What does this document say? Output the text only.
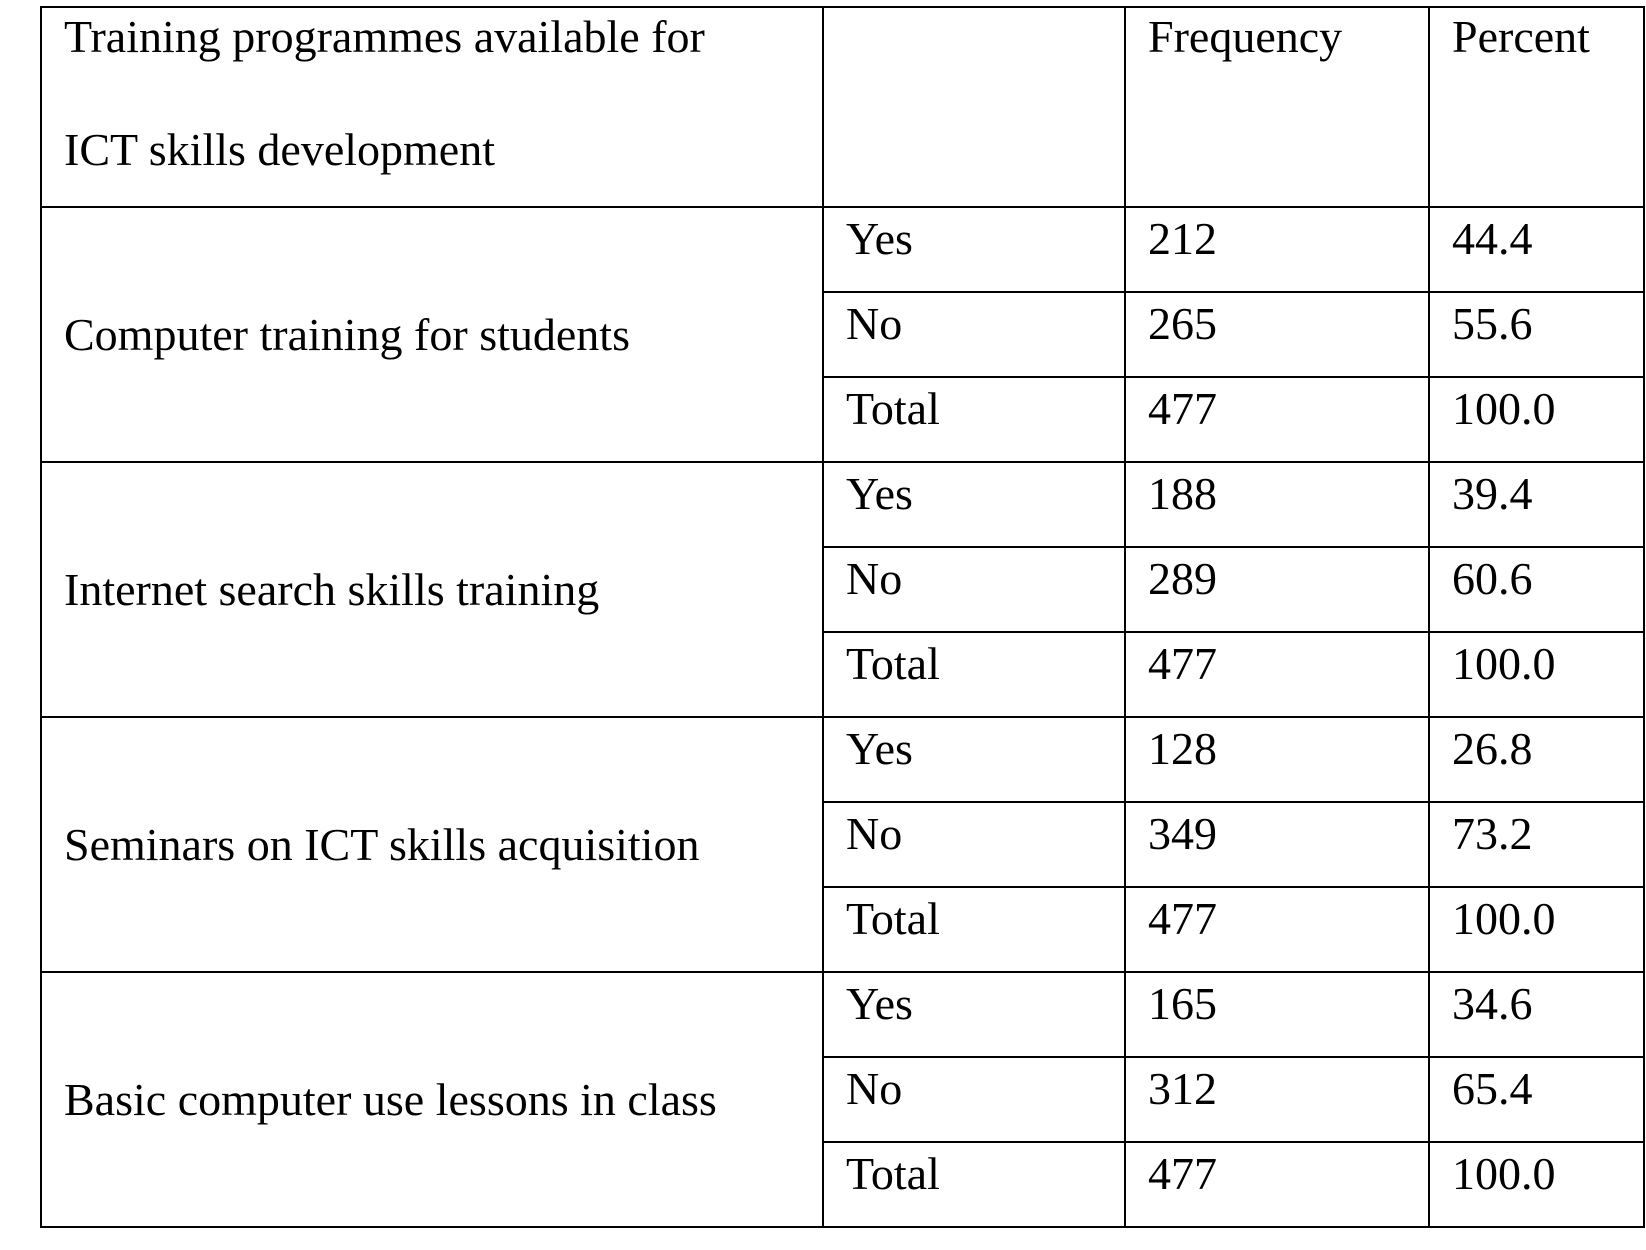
Training programmes available for
ICT skills development		Frequency	Percent
Computer training for students	Yes	212	44.4
	No	265	55.6
	Total	477	100.0
Internet search skills training	Yes	188	39.4
	No	289	60.6
	Total	477	100.0
Seminars on ICT skills acquisition	Yes	128	26.8
	No	349	73.2
	Total	477	100.0
Basic computer use lessons in class	Yes	165	34.6
	No	312	65.4
	Total	477	100.0
